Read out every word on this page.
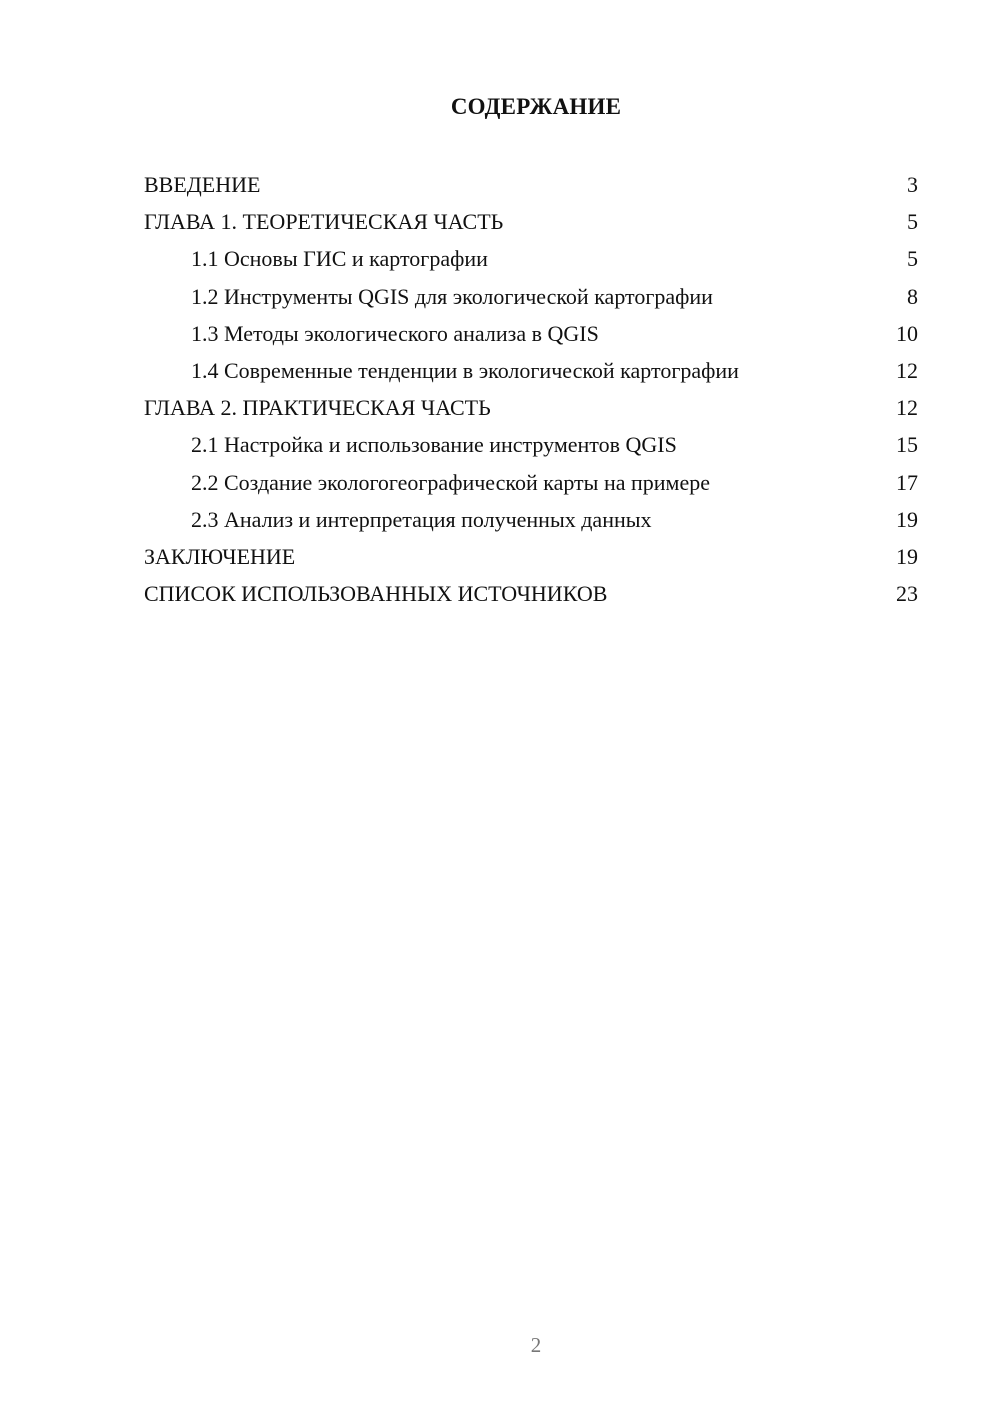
СОДЕРЖАНИЕ
ВВЕДЕНИЕ	3
ГЛАВА 1. ТЕОРЕТИЧЕСКАЯ ЧАСТЬ	5
1.1 Основы ГИС и картографии	5
1.2 Инструменты QGIS для экологической картографии	8
1.3 Методы экологического анализа в QGIS	10
1.4 Современные тенденции в экологической картографии	12
ГЛАВА 2. ПРАКТИЧЕСКАЯ ЧАСТЬ	12
2.1 Настройка и использование инструментов QGIS	15
2.2 Создание экологогеографической карты на примере	17
2.3 Анализ и интерпретация полученных данных	19
ЗАКЛЮЧЕНИЕ	19
СПИСОК ИСПОЛЬЗОВАННЫХ ИСТОЧНИКОВ	23
2
